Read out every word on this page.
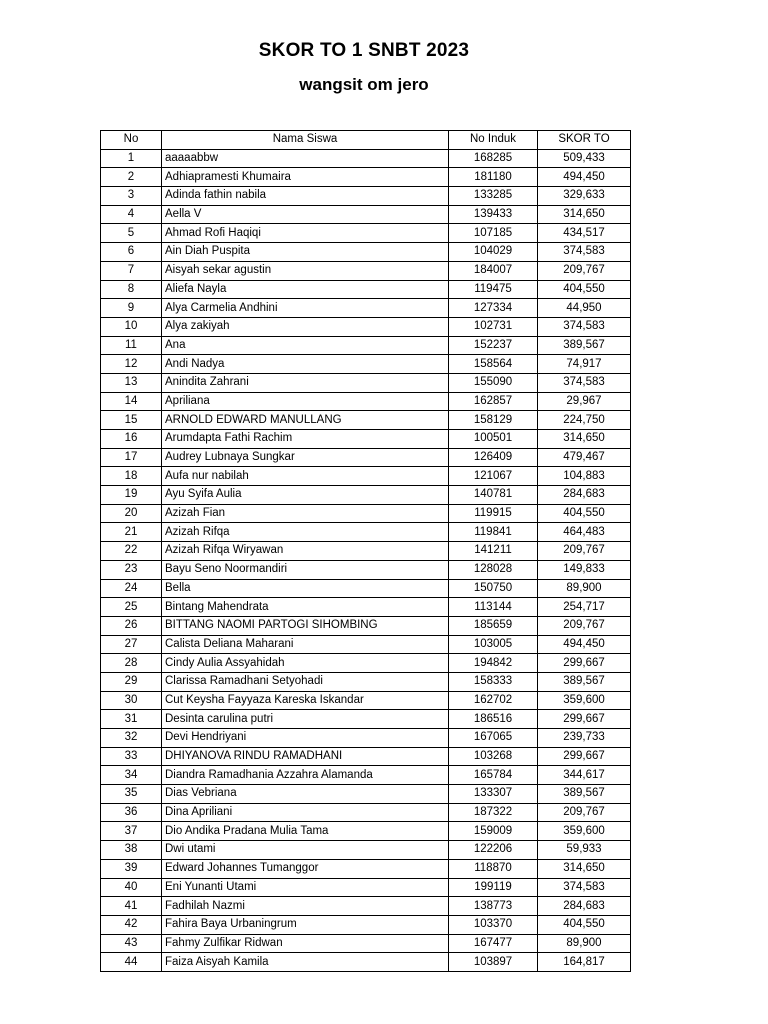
SKOR TO 1 SNBT 2023
wangsit om jero
No	Nama Siswa	No Induk	SKOR TO
1	aaaaabbw	168285	509,433
2	Adhiapramesti Khumaira	181180	494,450
3	Adinda fathin nabila	133285	329,633
4	Aella V	139433	314,650
5	Ahmad Rofi Haqiqi	107185	434,517
6	Ain Diah Puspita	104029	374,583
7	Aisyah sekar agustin	184007	209,767
8	Aliefa Nayla	119475	404,550
9	Alya Carmelia Andhini	127334	44,950
10	Alya zakiyah	102731	374,583
11	Ana	152237	389,567
12	Andi Nadya	158564	74,917
13	Anindita Zahrani	155090	374,583
14	Apriliana	162857	29,967
15	ARNOLD EDWARD MANULLANG	158129	224,750
16	Arumdapta Fathi Rachim	100501	314,650
17	Audrey Lubnaya Sungkar	126409	479,467
18	Aufa nur nabilah	121067	104,883
19	Ayu Syifa Aulia	140781	284,683
20	Azizah Fian	119915	404,550
21	Azizah Rifqa	119841	464,483
22	Azizah Rifqa Wiryawan	141211	209,767
23	Bayu Seno Noormandiri	128028	149,833
24	Bella	150750	89,900
25	Bintang Mahendrata	113144	254,717
26	BITTANG NAOMI PARTOGI SIHOMBING	185659	209,767
27	Calista Deliana Maharani	103005	494,450
28	Cindy Aulia Assyahidah	194842	299,667
29	Clarissa Ramadhani Setyohadi	158333	389,567
30	Cut Keysha Fayyaza Kareska Iskandar	162702	359,600
31	Desinta carulina putri	186516	299,667
32	Devi Hendriyani	167065	239,733
33	DHIYANOVA RINDU RAMADHANI	103268	299,667
34	Diandra Ramadhania Azzahra Alamanda	165784	344,617
35	Dias Vebriana	133307	389,567
36	Dina Apriliani	187322	209,767
37	Dio Andika Pradana Mulia Tama	159009	359,600
38	Dwi utami	122206	59,933
39	Edward Johannes Tumanggor	118870	314,650
40	Eni Yunanti Utami	199119	374,583
41	Fadhilah Nazmi	138773	284,683
42	Fahira Baya Urbaningrum	103370	404,550
43	Fahmy Zulfikar Ridwan	167477	89,900
44	Faiza Aisyah Kamila	103897	164,817
